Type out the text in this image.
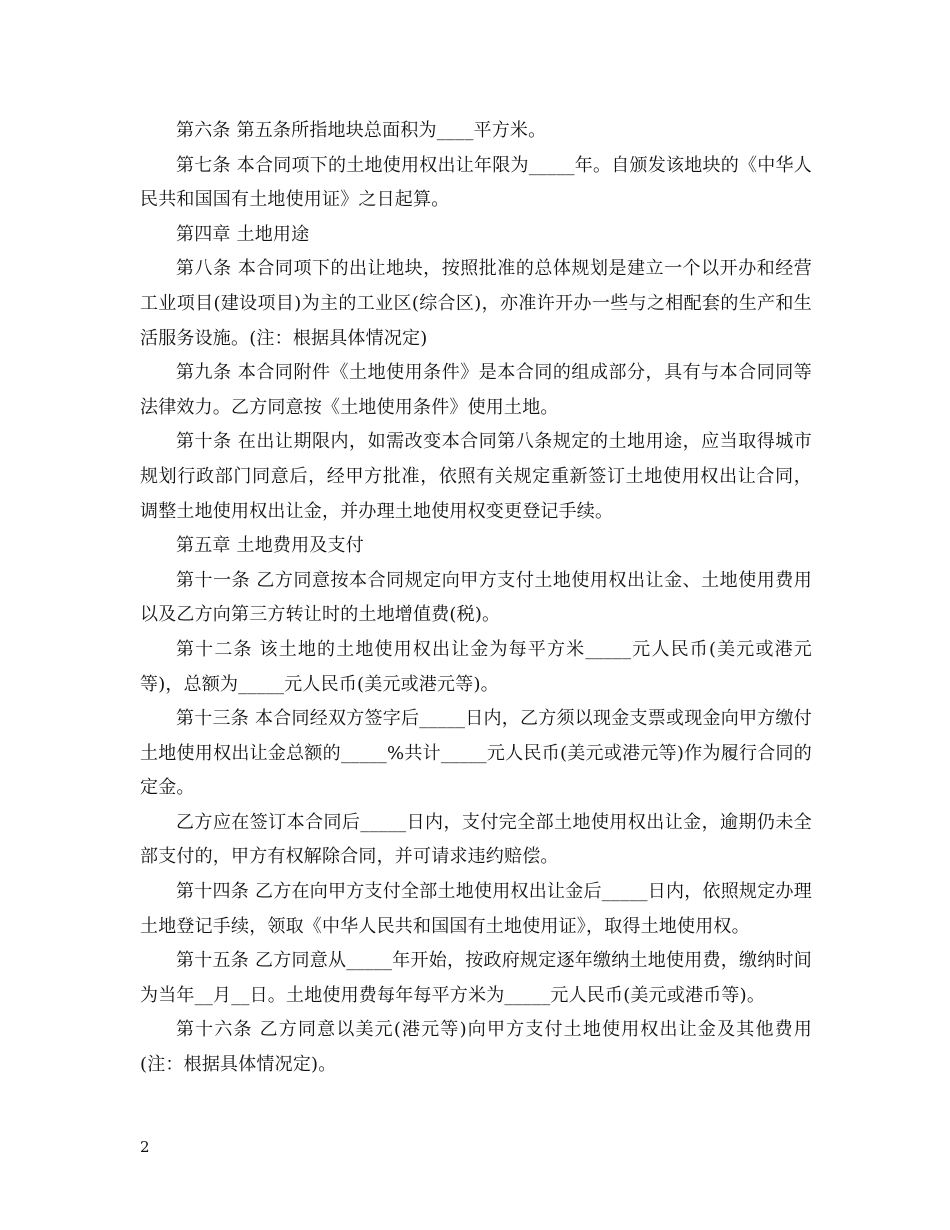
第六条 第五条所指地块总面积为____平方米。

第七条 本合同项下的土地使用权出让年限为_____年。自颁发该地块的《中华人民共和国国有土地使用证》之日起算。

第四章 土地用途

第八条 本合同项下的出让地块，按照批准的总体规划是建立一个以开办和经营工业项目(建设项目)为主的工业区(综合区)，亦准许开办一些与之相配套的生产和生活服务设施。(注：根据具体情况定)

第九条 本合同附件《土地使用条件》是本合同的组成部分，具有与本合同同等法律效力。乙方同意按《土地使用条件》使用土地。

第十条 在出让期限内，如需改变本合同第八条规定的土地用途，应当取得城市规划行政部门同意后，经甲方批准，依照有关规定重新签订土地使用权出让合同，调整土地使用权出让金，并办理土地使用权变更登记手续。

第五章 土地费用及支付

第十一条 乙方同意按本合同规定向甲方支付土地使用权出让金、土地使用费用以及乙方向第三方转让时的土地增值费(税)。

第十二条 该土地的土地使用权出让金为每平方米_____元人民币(美元或港元等)，总额为_____元人民币(美元或港元等)。

第十三条 本合同经双方签字后_____日内，乙方须以现金支票或现金向甲方缴付土地使用权出让金总额的_____%共计_____元人民币(美元或港元等)作为履行合同的定金。

乙方应在签订本合同后_____日内，支付完全部土地使用权出让金，逾期仍未全部支付的，甲方有权解除合同，并可请求违约赔偿。

第十四条 乙方在向甲方支付全部土地使用权出让金后_____日内，依照规定办理土地登记手续，领取《中华人民共和国国有土地使用证》，取得土地使用权。

第十五条 乙方同意从_____年开始，按政府规定逐年缴纳土地使用费，缴纳时间为当年__月__日。土地使用费每年每平方米为_____元人民币(美元或港币等)。

第十六条 乙方同意以美元(港元等)向甲方支付土地使用权出让金及其他费用(注：根据具体情况定)。

2
